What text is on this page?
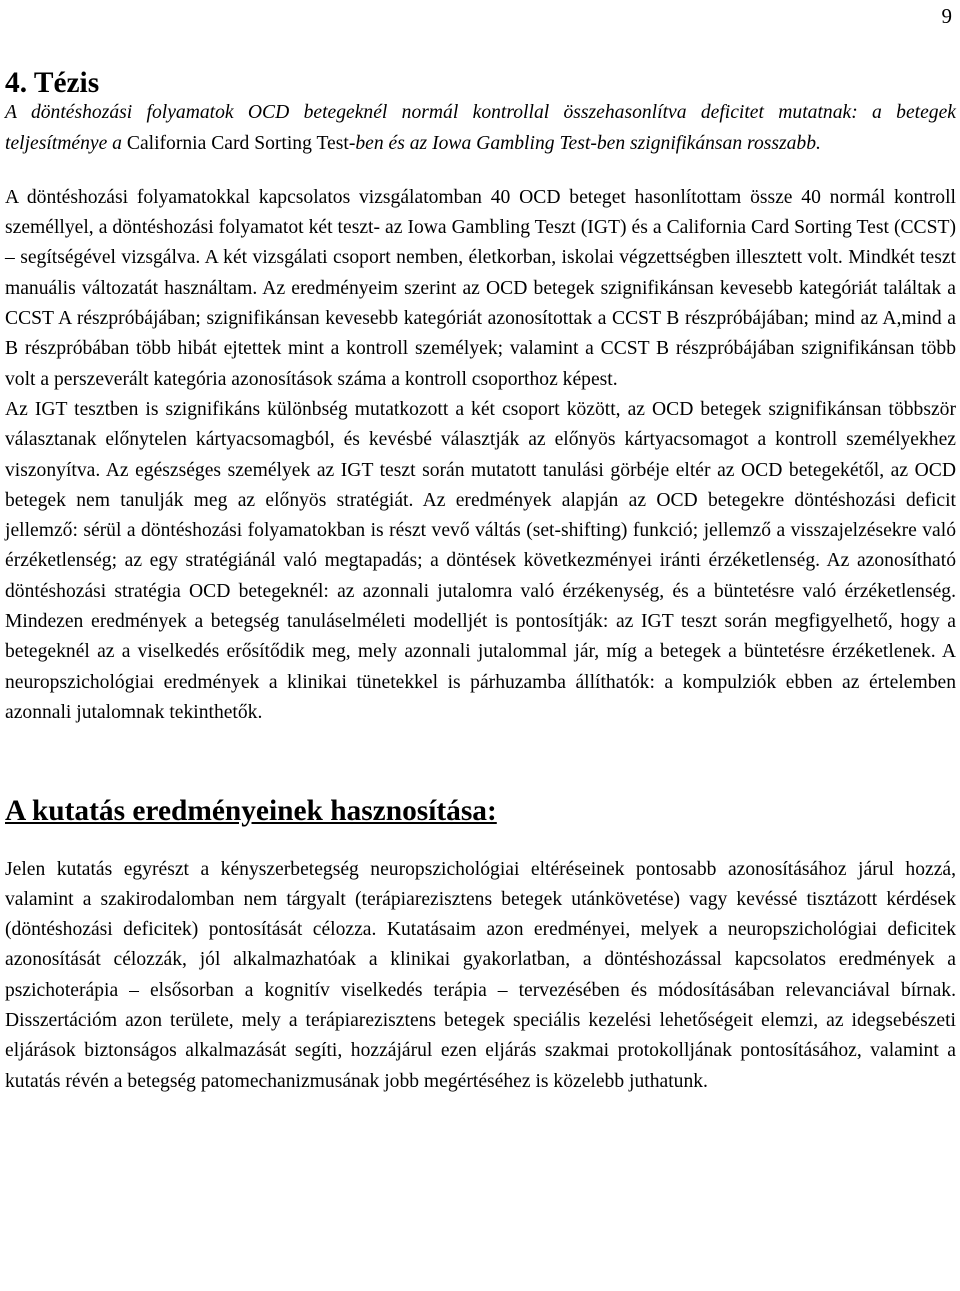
9
4. Tézis

A döntéshozási folyamatok OCD betegeknél normál kontrollal összehasonlítva deficitet mutatnak: a betegek teljesítménye a California Card Sorting Test-ben és az Iowa Gambling Test-ben szignifikánsan rosszabb.

A döntéshozási folyamatokkal kapcsolatos vizsgálatomban 40 OCD beteget hasonlítottam össze 40 normál kontroll személlyel, a döntéshozási folyamatot két teszt- az Iowa Gambling Teszt (IGT) és a California Card Sorting Test (CCST) – segítségével vizsgálva. A két vizsgálati csoport nemben, életkorban, iskolai végzettségben illesztett volt. Mindkét teszt manuális változatát használtam. Az eredményeim szerint az OCD betegek szignifikánsan kevesebb kategóriát találtak a CCST A részpróbájában; szignifikánsan kevesebb kategóriát azonosítottak a CCST B részpróbájában; mind az A,mind a B részpróbában több hibát ejtettek mint a kontroll személyek; valamint a CCST B részpróbájában szignifikánsan több volt a perszeverált kategória azonosítások száma a kontroll csoporthoz képest.

Az IGT tesztben is szignifikáns különbség mutatkozott a két csoport között, az OCD betegek szignifikánsan többször választanak előnytelen kártyacsomagból, és kevésbé választják az előnyös kártyacsomagot a kontroll személyekhez viszonyítva. Az egészséges személyek az IGT teszt során mutatott tanulási görbéje eltér az OCD betegekétől, az OCD betegek nem tanulják meg az előnyös stratégiát. Az eredmények alapján az OCD betegekre döntéshozási deficit jellemző: sérül a döntéshozási folyamatokban is részt vevő váltás (set-shifting) funkció; jellemző a visszajelzésekre való érzéketlenség; az egy stratégiánál való megtapadás; a döntések következményei iránti érzéketlenség. Az azonosítható döntéshozási stratégia OCD betegeknél: az azonnali jutalomra való érzékenység, és a büntetésre való érzéketlenség. Mindezen eredmények a betegség tanuláselméleti modelljét is pontosítják: az IGT teszt során megfigyelhető, hogy a betegeknél az a viselkedés erősítődik meg, mely azonnali jutalommal jár, míg a betegek a büntetésre érzéketlenek. A neuropszichológiai eredmények a klinikai tünetekkel is párhuzamba állíthatók: a kompulziók ebben az értelemben azonnali jutalomnak tekinthetők.

A kutatás eredményeinek hasznosítása:

Jelen kutatás egyrészt a kényszerbetegség neuropszichológiai eltéréseinek pontosabb azonosításához járul hozzá, valamint a szakirodalomban nem tárgyalt (terápiarezisztens betegek utánkövetése) vagy kevéssé tisztázott kérdések (döntéshozási deficitek) pontosítását célozza. Kutatásaim azon eredményei, melyek a neuropszichológiai deficitek azonosítását célozzák, jól alkalmazhatóak a klinikai gyakorlatban, a döntéshozással kapcsolatos eredmények a pszichoterápia – elsősorban a kognitív viselkedés terápia – tervezésében és módosításában relevanciával bírnak. Disszertációm azon területe, mely a terápiarezisztens betegek speciális kezelési lehetőségeit elemzi, az idegsebészeti eljárások biztonságos alkalmazását segíti, hozzájárul ezen eljárás szakmai protokolljának pontosításához, valamint a kutatás révén a betegség patomechanizmusának jobb megértéséhez is közelebb juthatunk.
